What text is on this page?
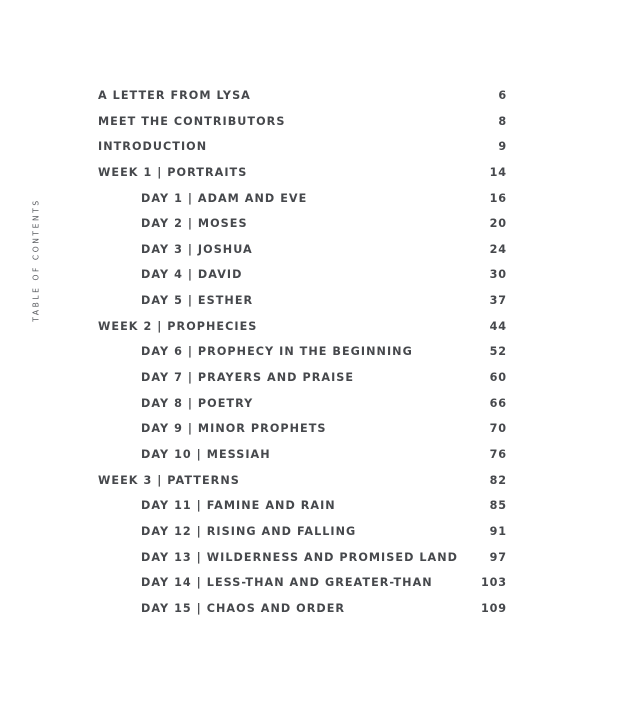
TABLE OF CONTENTS
A LETTER FROM LYSA	6
MEET THE CONTRIBUTORS	8
INTRODUCTION	9
WEEK 1 | PORTRAITS	14
DAY 1 | ADAM AND EVE	16
DAY 2 | MOSES	20
DAY 3 | JOSHUA	24
DAY 4 | DAVID	30
DAY 5 | ESTHER	37
WEEK 2 | PROPHECIES	44
DAY 6 | PROPHECY IN THE BEGINNING	52
DAY 7 | PRAYERS AND PRAISE	60
DAY 8 | POETRY	66
DAY 9 | MINOR PROPHETS	70
DAY 10 | MESSIAH	76
WEEK 3 | PATTERNS	82
DAY 11 | FAMINE AND RAIN	85
DAY 12 | RISING AND FALLING	91
DAY 13 | WILDERNESS AND PROMISED LAND	97
DAY 14 | LESS-THAN AND GREATER-THAN	103
DAY 15 | CHAOS AND ORDER	109
